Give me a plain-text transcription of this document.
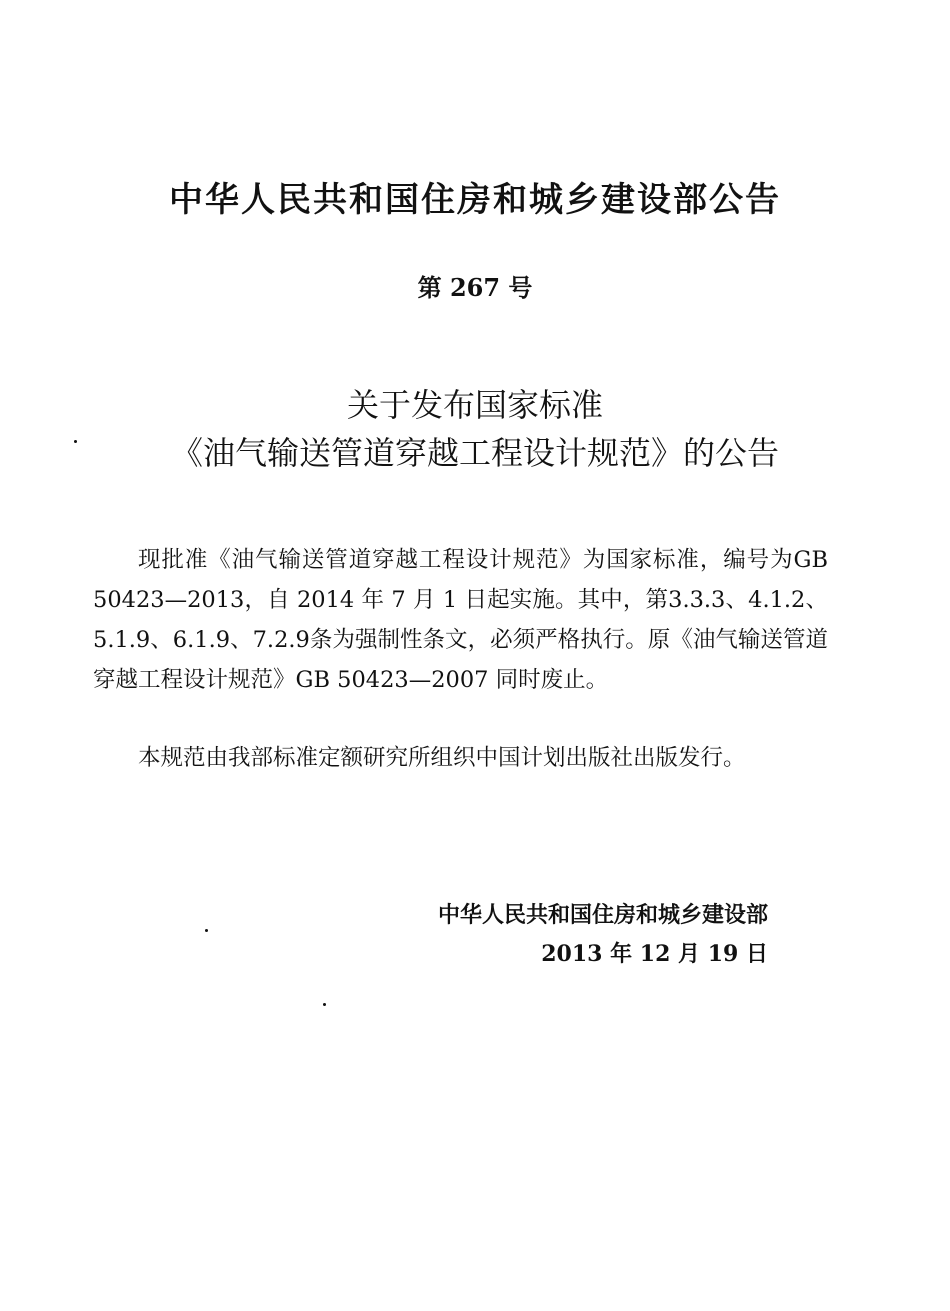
中华人民共和国住房和城乡建设部公告
第 267 号
关于发布国家标准
《油气输送管道穿越工程设计规范》的公告

现批准《油气输送管道穿越工程设计规范》为国家标准，编号为GB 50423—2013，自 2014 年 7 月 1 日起实施。其中，第3.3.3、4.1.2、5.1.9、6.1.9、7.2.9条为强制性条文，必须严格执行。原《油气输送管道穿越工程设计规范》GB 50423—2007 同时废止。

本规范由我部标准定额研究所组织中国计划出版社出版发行。

中华人民共和国住房和城乡建设部
2013 年 12 月 19 日
